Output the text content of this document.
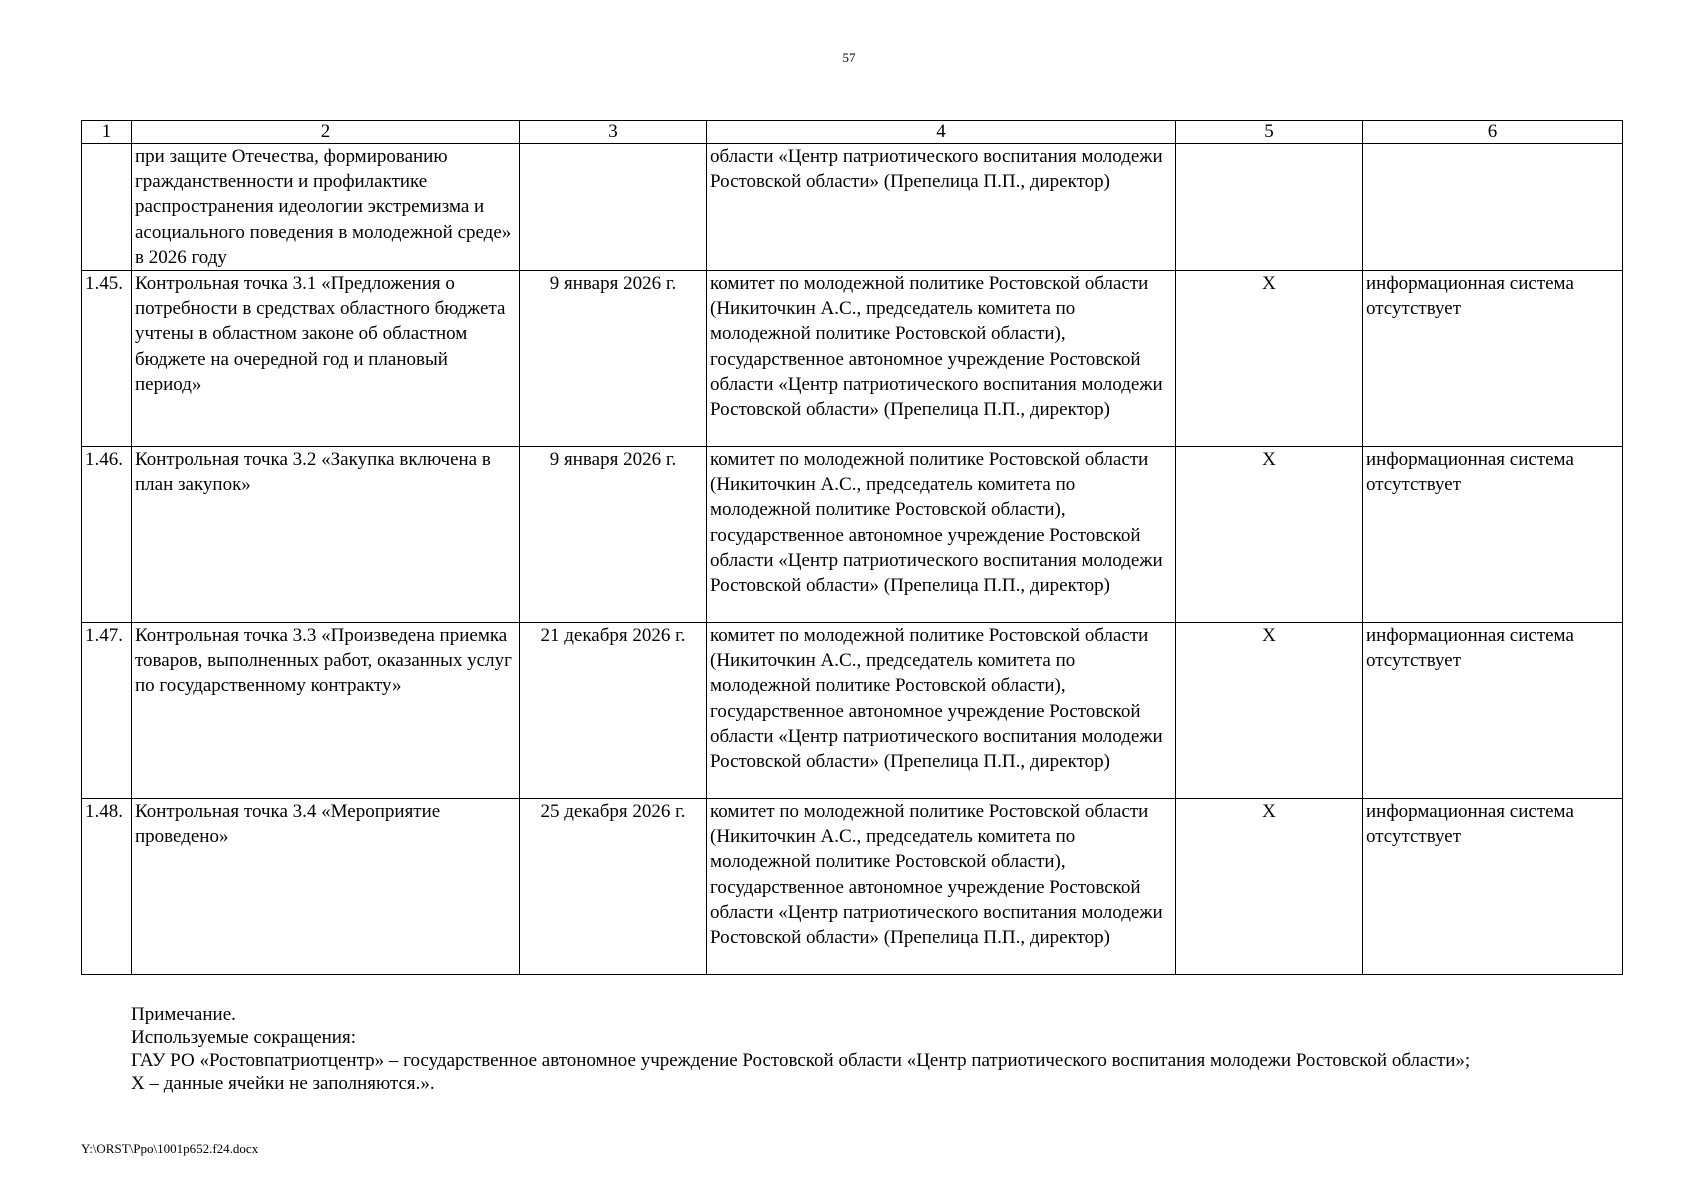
57
1	2	3	4	5	6
	при защите Отечества, формированию гражданственности и профилактике распространения идеологии экстремизма и асоциального поведения в молодежной среде» в 2026 году		области «Центр патриотического воспитания молодежи Ростовской области» (Препелица П.П., директор)		
1.45.	Контрольная точка 3.1 «Предложения о потребности в средствах областного бюджета учтены в областном законе об областном бюджете на очередной год и плановый период»	9 января 2026 г.	комитет по молодежной политике Ростовской области (Никиточкин А.С., председатель комитета по молодежной политике Ростовской области), государственное автономное учреждение Ростовской области «Центр патриотического воспитания молодежи Ростовской области» (Препелица П.П., директор)	Х	информационная система отсутствует
1.46.	Контрольная точка 3.2 «Закупка включена в план закупок»	9 января 2026 г.	комитет по молодежной политике Ростовской области (Никиточкин А.С., председатель комитета по молодежной политике Ростовской области), государственное автономное учреждение Ростовской области «Центр патриотического воспитания молодежи Ростовской области» (Препелица П.П., директор)	Х	информационная система отсутствует
1.47.	Контрольная точка 3.3 «Произведена приемка товаров, выполненных работ, оказанных услуг по государственному контракту»	21 декабря 2026 г.	комитет по молодежной политике Ростовской области (Никиточкин А.С., председатель комитета по молодежной политике Ростовской области), государственное автономное учреждение Ростовской области «Центр патриотического воспитания молодежи Ростовской области» (Препелица П.П., директор)	Х	информационная система отсутствует
1.48.	Контрольная точка 3.4 «Мероприятие проведено»	25 декабря 2026 г.	комитет по молодежной политике Ростовской области (Никиточкин А.С., председатель комитета по молодежной политике Ростовской области), государственное автономное учреждение Ростовской области «Центр патриотического воспитания молодежи Ростовской области» (Препелица П.П., директор)	Х	информационная система отсутствует
Примечание.
Используемые сокращения:
ГАУ РО «Ростовпатриотцентр» – государственное автономное учреждение Ростовской области «Центр патриотического воспитания молодежи Ростовской области»;
Х – данные ячейки не заполняются.».
Y:\ORST\Ppo\1001p652.f24.docx
